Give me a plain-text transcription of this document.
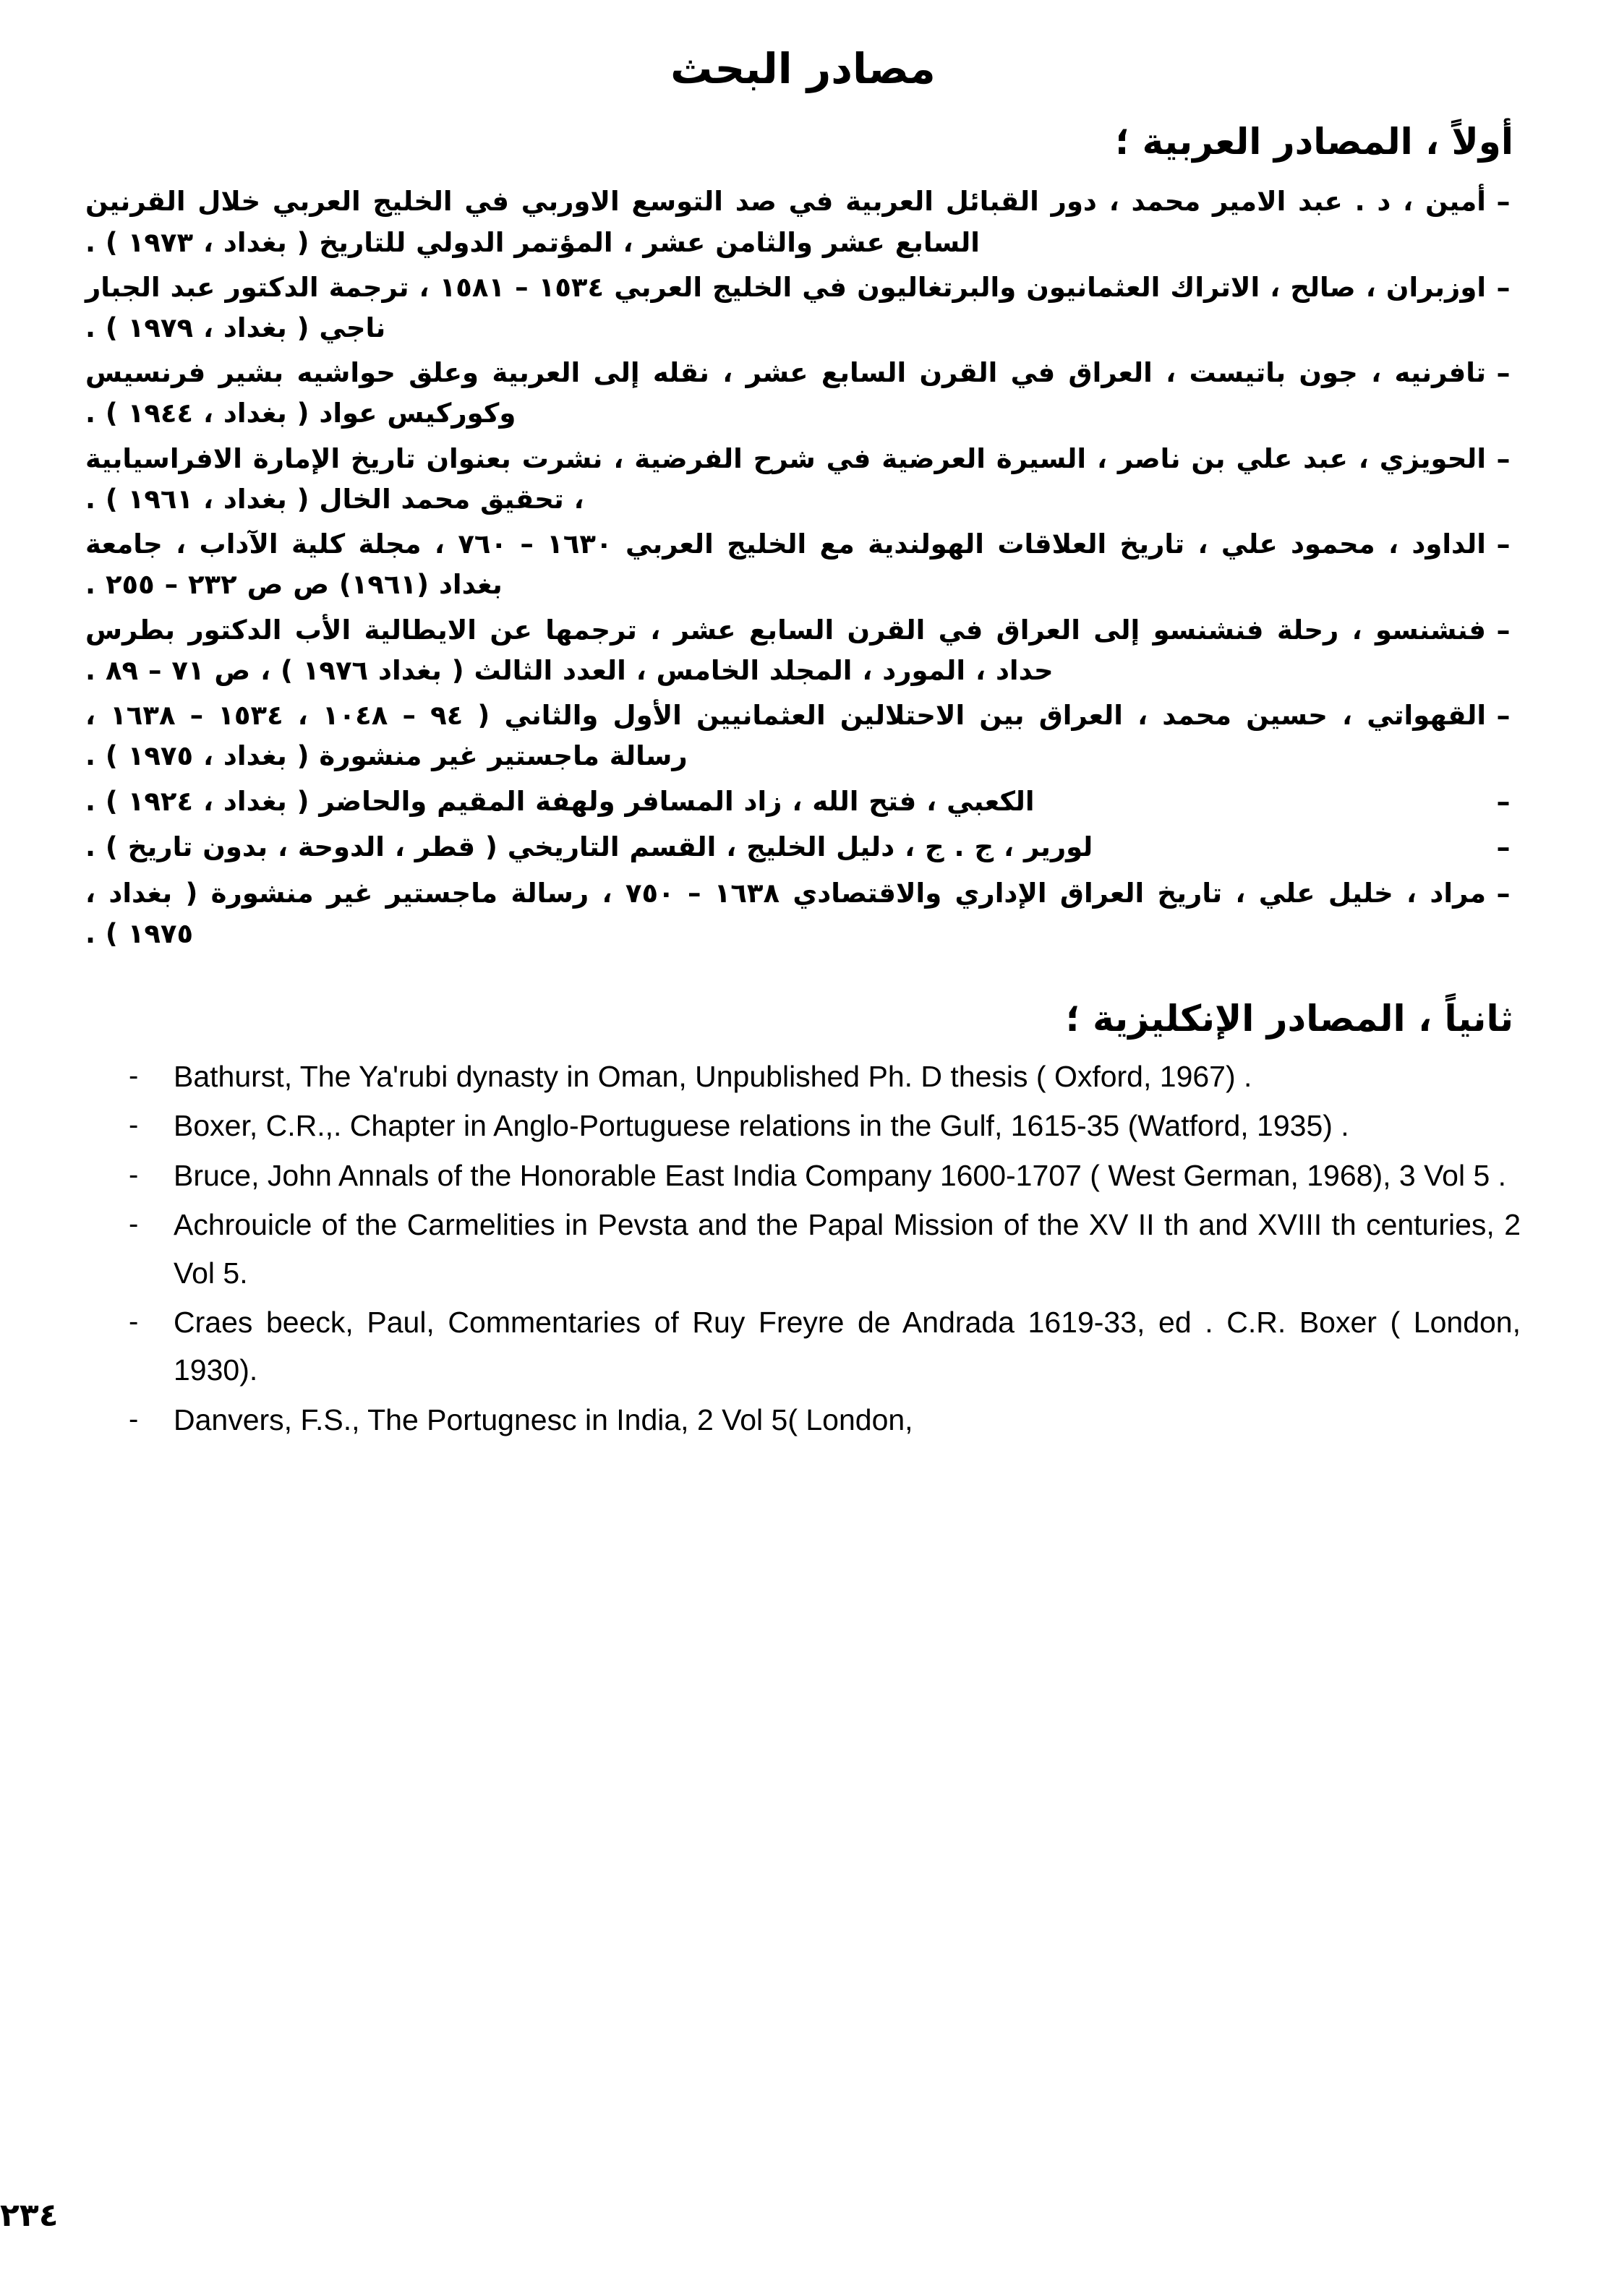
مصادر البحث
أولاً ، المصادر العربية ؛
–
أمين ، د . عبد الامير محمد ، دور القبائل العربية في صد التوسع الاوربي في الخليج العربي خلال القرنين السابع عشر والثامن عشر ، المؤتمر الدولي للتاريخ ( بغداد ، ١٩٧٣ ) .
–
اوزبران ، صالح ، الاتراك العثمانيون والبرتغاليون في الخليج العربي ١٥٣٤ – ١٥٨١ ، ترجمة الدكتور عبد الجبار ناجي ( بغداد ، ١٩٧٩ ) .
–
تافرنيه ، جون باتيست ، العراق في القرن السابع عشر ، نقله إلى العربية وعلق حواشيه بشير فرنسيس وكوركيس عواد ( بغداد ، ١٩٤٤ ) .
–
الحويزي ، عبد علي بن ناصر ، السيرة العرضية في شرح الفرضية ، نشرت بعنوان تاريخ الإمارة الافراسيابية ، تحقيق محمد الخال ( بغداد ، ١٩٦١ ) .
–
الداود ، محمود علي ، تاريخ العلاقات الهولندية مع الخليج العربي ١٦٣٠ – ٧٦٠ ، مجلة كلية الآداب ، جامعة بغداد (١٩٦١) ص ص ٢٣٢ – ٢٥٥ .
–
فنشنسو ، رحلة فنشنسو إلى العراق في القرن السابع عشر ، ترجمها عن الايطالية الأب الدكتور بطرس حداد ، المورد ، المجلد الخامس ، العدد الثالث ( بغداد ١٩٧٦ ) ، ص ٧١ – ٨٩ .
–
القهواتي ، حسين محمد ، العراق بين الاحتلالين العثمانيين الأول والثاني ( ٩٤ – ١٠٤٨ ، ١٥٣٤ – ١٦٣٨ ، رسالة ماجستير غير منشورة ( بغداد ، ١٩٧٥ ) .
–
الكعبي ، فتح الله ، زاد المسافر ولهفة المقيم والحاضر ( بغداد ، ١٩٢٤ ) .
–
لورير ، ج . ج ، دليل الخليج ، القسم التاريخي ( قطر ، الدوحة ، بدون تاريخ ) .
–
مراد ، خليل علي ، تاريخ العراق الإداري والاقتصادي ١٦٣٨ – ٧٥٠ ، رسالة ماجستير غير منشورة ( بغداد ، ١٩٧٥ ) .
ثانياً ، المصادر الإنكليزية ؛
-	Bathurst, The Ya'rubi dynasty in Oman, Unpublished Ph. D thesis ( Oxford, 1967) .
-	Boxer, C.R.,. Chapter in Anglo-Portuguese relations in the Gulf, 1615-35 (Watford, 1935) .
-	Bruce, John Annals of the Honorable East India Company 1600-1707 ( West German, 1968), 3 Vol 5 .
-	Achrouicle of the Carmelities in Pevsta and the Papal Mission of the XV II th and XVIII th centuries, 2 Vol 5.
-	Craes beeck, Paul, Commentaries of Ruy Freyre de Andrada 1619-33, ed . C.R. Boxer ( London, 1930).
-	Danvers, F.S., The Portugnesc in India, 2 Vol 5( London,
٢٣٤
